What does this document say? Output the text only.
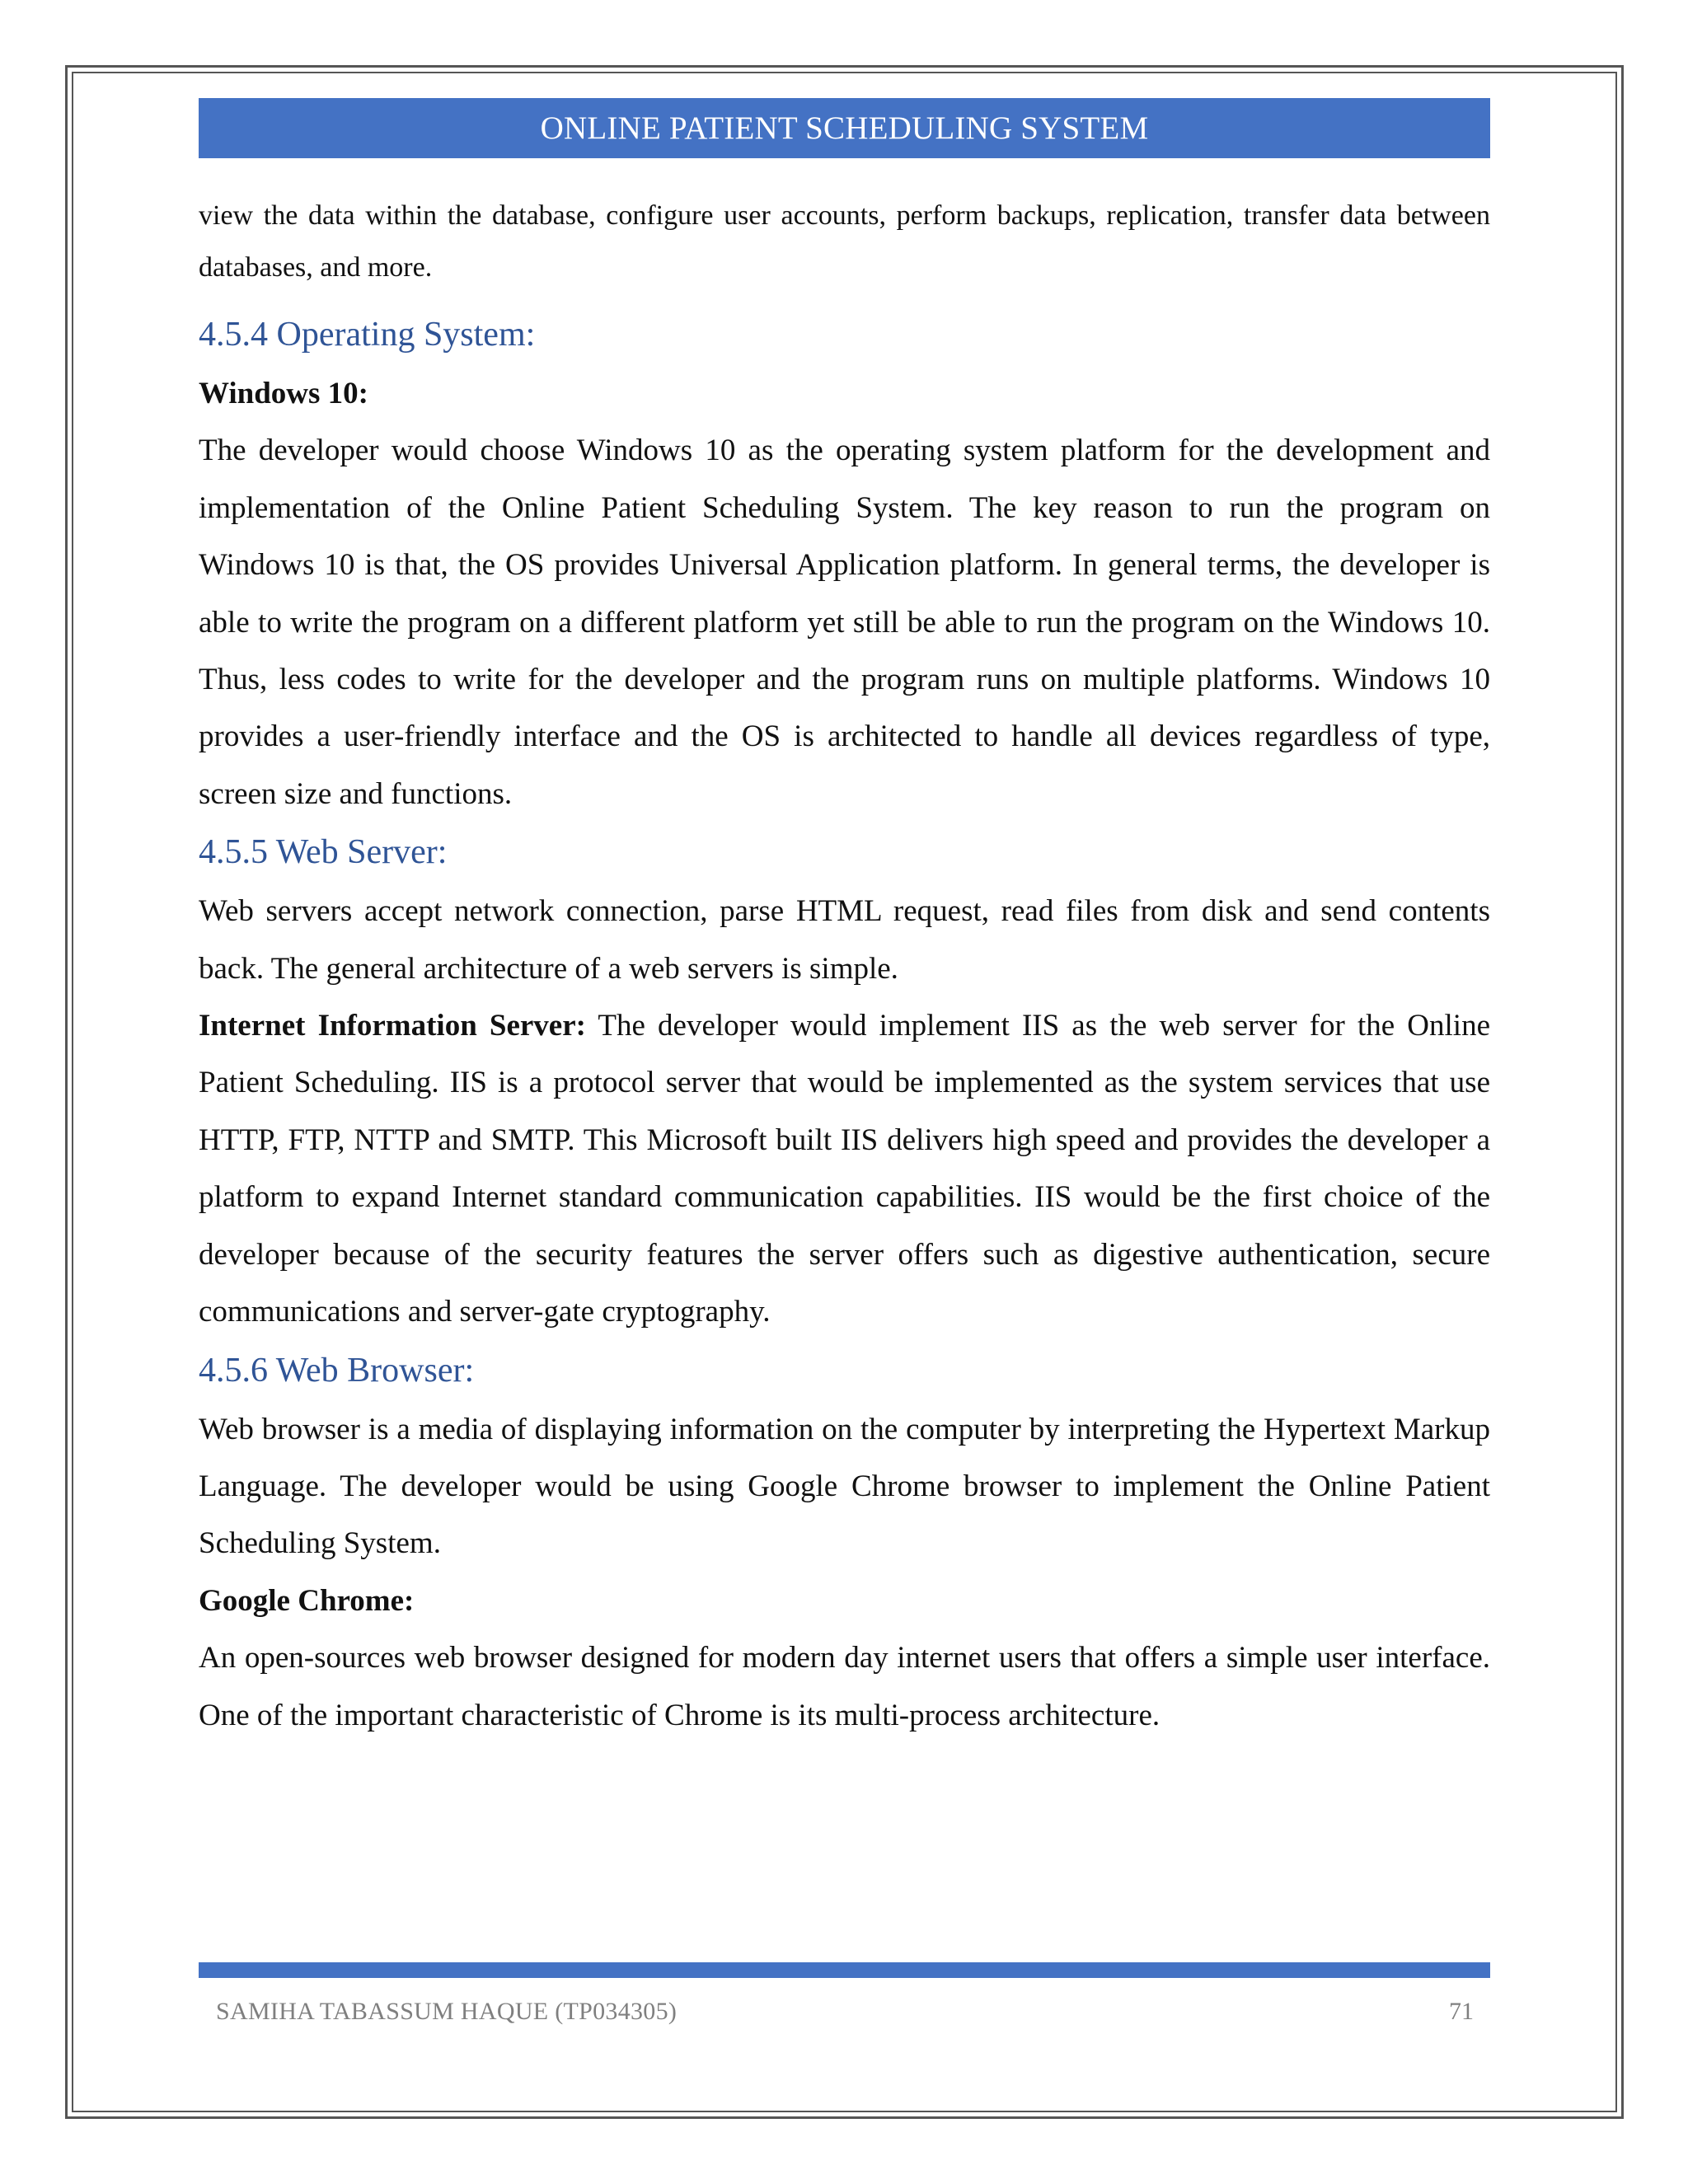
ONLINE PATIENT SCHEDULING SYSTEM

view the data within the database, configure user accounts, perform backups, replication, transfer data between databases, and more.

4.5.4 Operating System:

Windows 10:

The developer would choose Windows 10 as the operating system platform for the development and implementation of the Online Patient Scheduling System. The key reason to run the program on Windows 10 is that, the OS provides Universal Application platform. In general terms, the developer is able to write the program on a different platform yet still be able to run the program on the Windows 10. Thus, less codes to write for the developer and the program runs on multiple platforms. Windows 10 provides a user-friendly interface and the OS is architected to handle all devices regardless of type, screen size and functions.

4.5.5 Web Server:

Web servers accept network connection, parse HTML request, read files from disk and send contents back. The general architecture of a web servers is simple.

Internet Information Server: The developer would implement IIS as the web server for the Online Patient Scheduling. IIS is a protocol server that would be implemented as the system services that use HTTP, FTP, NTTP and SMTP. This Microsoft built IIS delivers high speed and provides the developer a platform to expand Internet standard communication capabilities. IIS would be the first choice of the developer because of the security features the server offers such as digestive authentication, secure communications and server-gate cryptography.

4.5.6 Web Browser:

Web browser is a media of displaying information on the computer by interpreting the Hypertext Markup Language. The developer would be using Google Chrome browser to implement the Online Patient Scheduling System.

Google Chrome:

An open-sources web browser designed for modern day internet users that offers a simple user interface. One of the important characteristic of Chrome is its multi-process architecture.

SAMIHA TABASSUM HAQUE (TP034305)	71
